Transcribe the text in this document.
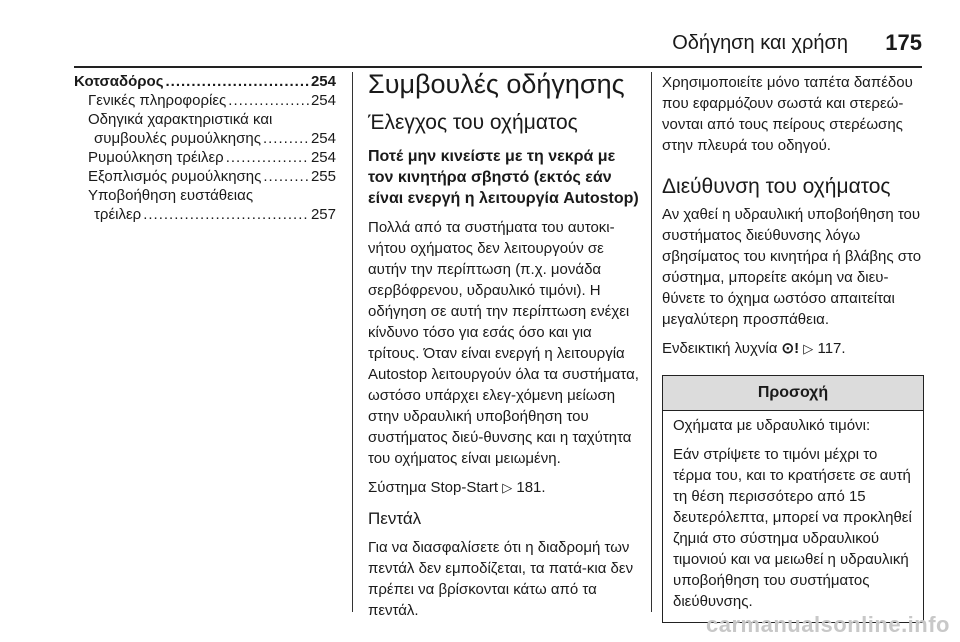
Οδήγηση και χρήση 175
Κοτσαδόρος .....	254
Γενικές πληροφορίες .....	254
Οδηγικά χαρακτηριστικά και
συμβουλές ρυμούλκησης .....	254
Ρυμούλκηση τρέιλερ .....	254
Εξοπλισμός ρυμούλκησης .....	255
Υποβοήθηση ευστάθειας
τρέιλερ .....	257
Συμβουλές οδήγησης
Έλεγχος του οχήματος
Ποτέ μην κινείστε με τη νεκρά με τον κινητήρα σβηστό (εκτός εάν είναι ενεργή η λειτουργία Autostop)

Πολλά από τα συστήματα του αυτοκι-νήτου οχήματος δεν λειτουργούν σε αυτήν την περίπτωση (π.χ. μονάδα σερβόφρενου, υδραυλικό τιμόνι). Η οδήγηση σε αυτή την περίπτωση ενέχει κίνδυνο τόσο για εσάς όσο και για τρίτους. Όταν είναι ενεργή η λειτουργία Autostop λειτουργούν όλα τα συστήματα, ωστόσο υπάρχει ελεγ-χόμενη μείωση στην υδραυλική υποβοήθηση του συστήματος διεύ-θυνσης και η ταχύτητα του οχήματος είναι μειωμένη.

Σύστημα Stop-Start ▷ 181.

Πεντάλ

Για να διασφαλίσετε ότι η διαδρομή των πεντάλ δεν εμποδίζεται, τα πατά-κια δεν πρέπει να βρίσκονται κάτω από τα πεντάλ.

Χρησιμοποιείτε μόνο ταπέτα δαπέδου που εφαρμόζουν σωστά και στερεώ-νονται από τους πείρους στερέωσης στην πλευρά του οδηγού.

Διεύθυνση του οχήματος

Αν χαθεί η υδραυλική υποβοήθηση του συστήματος διεύθυνσης λόγω σβησίματος του κινητήρα ή βλάβης στο σύστημα, μπορείτε ακόμη να διευ-θύνετε το όχημα ωστόσο απαιτείται μεγαλύτερη προσπάθεια.

Ενδεικτική λυχνία ⊙! ▷ 117.

Προσοχή

Οχήματα με υδραυλικό τιμόνι:

Εάν στρίψετε το τιμόνι μέχρι το τέρμα του, και το κρατήσετε σε αυτή τη θέση περισσότερο από 15 δευτερόλεπτα, μπορεί να προκληθεί ζημιά στο σύστημα υδραυλικού τιμονιού και να μειωθεί η υδραυλική υποβοήθηση του συστήματος διεύθυνσης.

carmanualsonline.info
